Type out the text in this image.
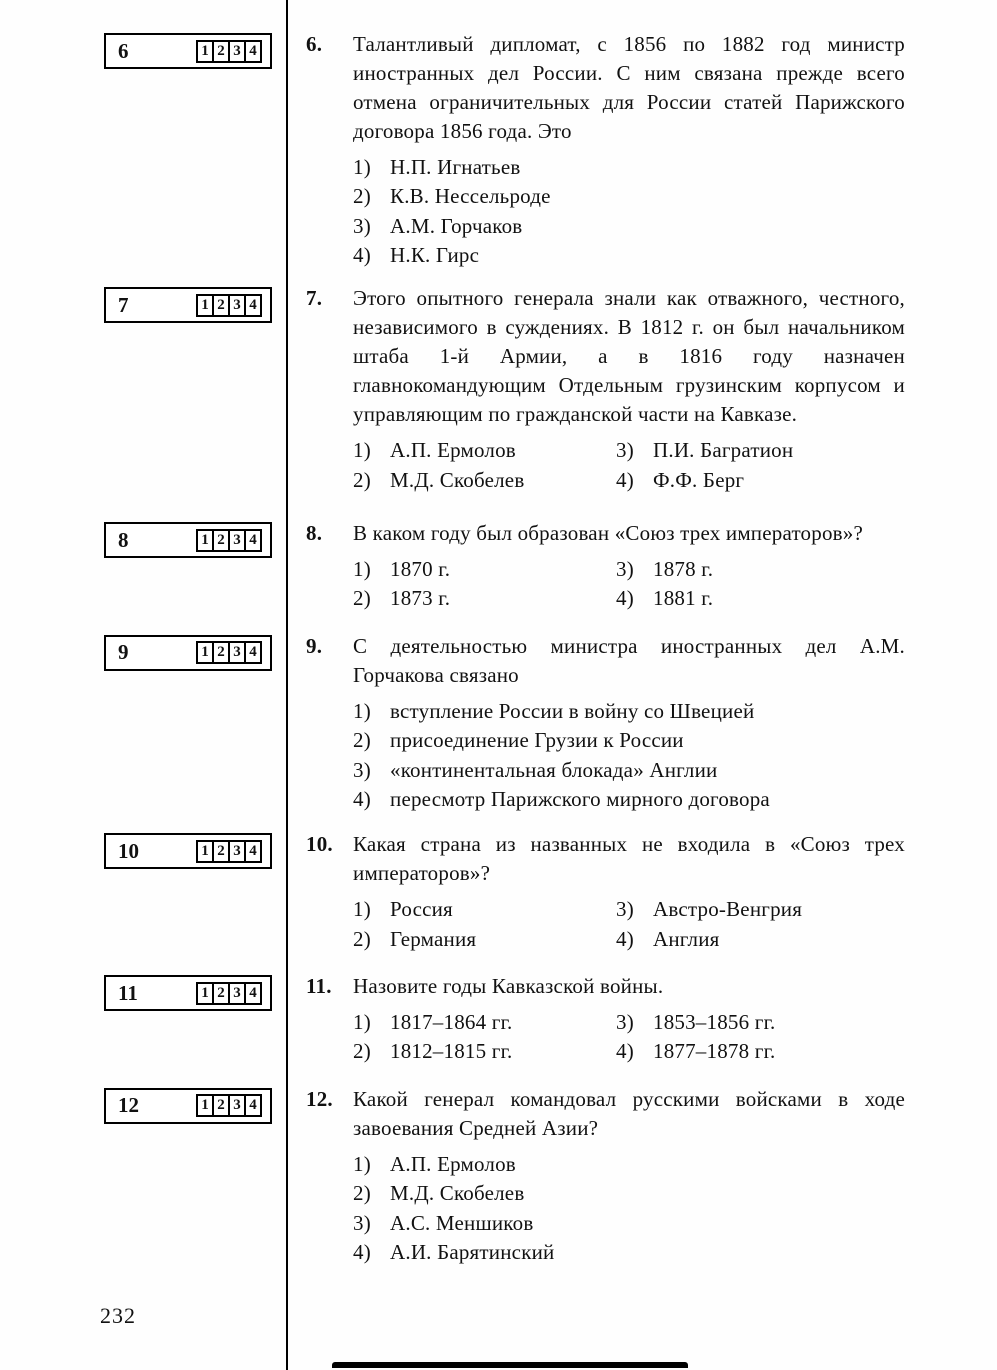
6	1 2 3 4 6. Талантливый дипломат, с 1856 по 1882 год министр иностранных дел России. С ним связана прежде всего отмена ограничительных для России статей Парижского договора 1856 года. Это
1) Н.П. Игнатьев
2) К.В. Нессельроде
3) А.М. Горчаков
4) Н.К. Гирс
7	1 2 3 4 7. Этого опытного генерала знали как отважного, честного, независимого в суждениях. В 1812 г. он был начальником штаба 1-й Армии, а в 1816 году назначен главнокомандующим Отдельным грузинским корпусом и управляющим по гражданской части на Кавказе.
1) А.П. Ермолов
2) М.Д. Скобелев
3) П.И. Багратион
4) Ф.Ф. Берг
8	1 2 3 4 8. В каком году был образован «Союз трех императоров»?
1) 1870 г.
2) 1873 г.
3) 1878 г.
4) 1881 г.
9	1 2 3 4 9. С деятельностью министра иностранных дел А.М. Горчакова связано
1) вступление России в войну со Швецией
2) присоединение Грузии к России
3) «континентальная блокада» Англии
4) пересмотр Парижского мирного договора
10	1 2 3 4 10. Какая страна из названных не входила в «Союз трех императоров»?
1) Россия
2) Германия
3) Австро-Венгрия
4) Англия
11	1 2 3 4 11. Назовите годы Кавказской войны.
1) 1817–1864 гг.
2) 1812–1815 гг.
3) 1853–1856 гг.
4) 1877–1878 гг.
12	1 2 3 4 12. Какой генерал командовал русскими войсками в ходе завоевания Средней Азии?
1) А.П. Ермолов
2) М.Д. Скобелев
3) А.С. Меншиков
4) А.И. Барятинский
232
